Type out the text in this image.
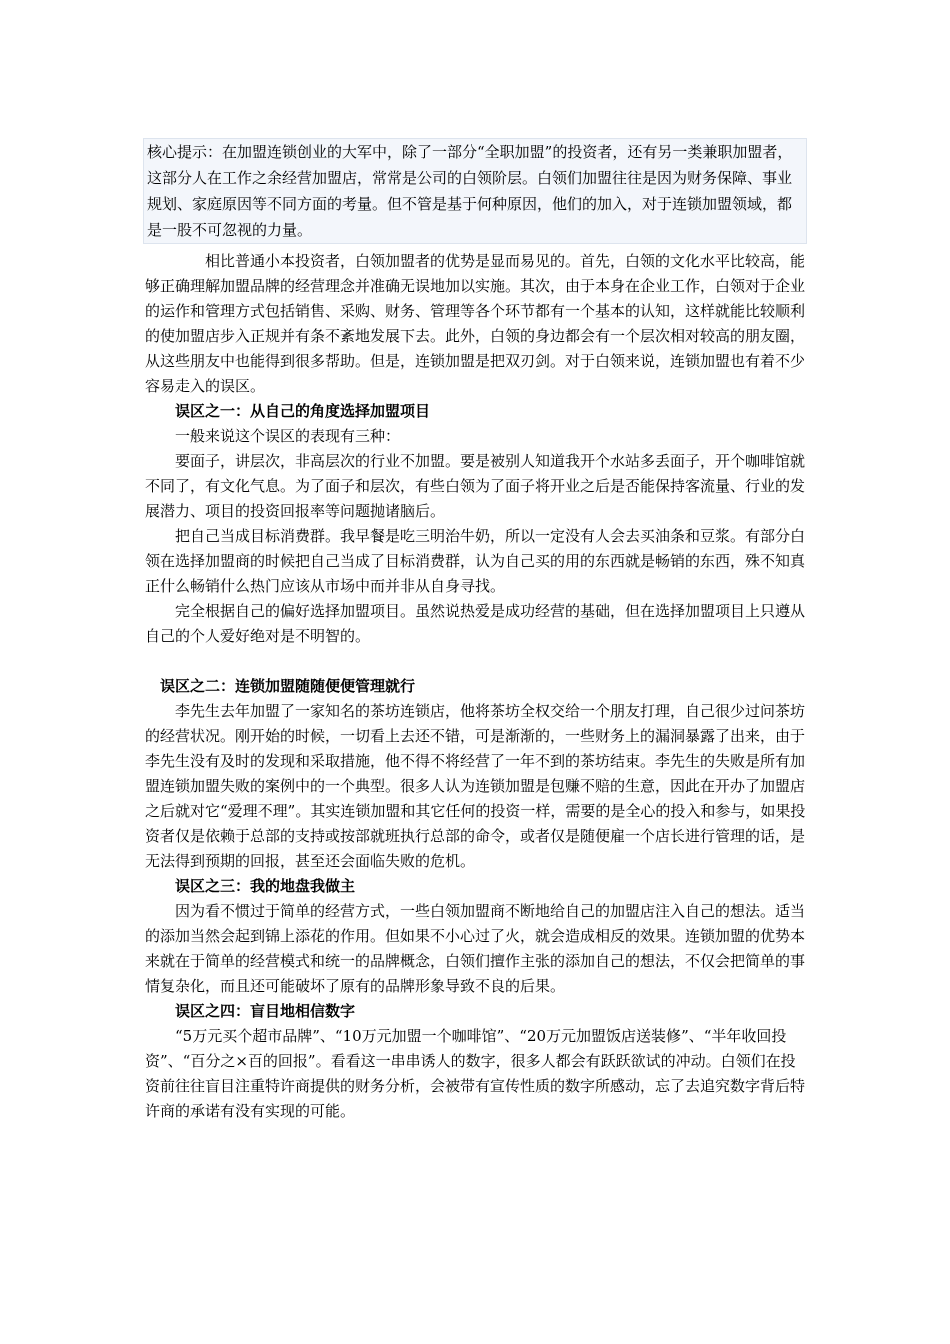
核心提示：在加盟连锁创业的大军中，除了一部分“全职加盟”的投资者，还有另一类兼职加盟者，这部分人在工作之余经营加盟店，常常是公司的白领阶层。白领们加盟往往是因为财务保障、事业规划、家庭原因等不同方面的考量。但不管是基于何种原因，他们的加入，对于连锁加盟领域，都是一股不可忽视的力量。

相比普通小本投资者，白领加盟者的优势是显而易见的。首先，白领的文化水平比较高，能够正确理解加盟品牌的经营理念并准确无误地加以实施。其次，由于本身在企业工作，白领对于企业的运作和管理方式包括销售、采购、财务、管理等各个环节都有一个基本的认知，这样就能比较顺利的使加盟店步入正规并有条不紊地发展下去。此外，白领的身边都会有一个层次相对较高的朋友圈，从这些朋友中也能得到很多帮助。但是，连锁加盟是把双刃剑。对于白领来说，连锁加盟也有着不少容易走入的误区。

误区之一：从自己的角度选择加盟项目

一般来说这个误区的表现有三种：

要面子，讲层次，非高层次的行业不加盟。要是被别人知道我开个水站多丢面子，开个咖啡馆就不同了，有文化气息。为了面子和层次，有些白领为了面子将开业之后是否能保持客流量、行业的发展潜力、项目的投资回报率等问题抛诸脑后。

把自己当成目标消费群。我早餐是吃三明治牛奶，所以一定没有人会去买油条和豆浆。有部分白领在选择加盟商的时候把自己当成了目标消费群，认为自己买的用的东西就是畅销的东西，殊不知真正什么畅销什么热门应该从市场中而并非从自身寻找。

完全根据自己的偏好选择加盟项目。虽然说热爱是成功经营的基础，但在选择加盟项目上只遵从自己的个人爱好绝对是不明智的。

误区之二：连锁加盟随随便便管理就行

李先生去年加盟了一家知名的茶坊连锁店，他将茶坊全权交给一个朋友打理，自己很少过问茶坊的经营状况。刚开始的时候，一切看上去还不错，可是渐渐的，一些财务上的漏洞暴露了出来，由于李先生没有及时的发现和采取措施，他不得不将经营了一年不到的茶坊结束。李先生的失败是所有加盟连锁加盟失败的案例中的一个典型。很多人认为连锁加盟是包赚不赔的生意，因此在开办了加盟店之后就对它“爱理不理”。其实连锁加盟和其它任何的投资一样，需要的是全心的投入和参与，如果投资者仅是依赖于总部的支持或按部就班执行总部的命令，或者仅是随便雇一个店长进行管理的话，是无法得到预期的回报，甚至还会面临失败的危机。

误区之三：我的地盘我做主

因为看不惯过于简单的经营方式，一些白领加盟商不断地给自己的加盟店注入自己的想法。适当的添加当然会起到锦上添花的作用。但如果不小心过了火，就会造成相反的效果。连锁加盟的优势本来就在于简单的经营模式和统一的品牌概念，白领们擅作主张的添加自己的想法，不仅会把简单的事情复杂化，而且还可能破坏了原有的品牌形象导致不良的后果。

误区之四：盲目地相信数字

“5万元买个超市品牌”、“10万元加盟一个咖啡馆”、“20万元加盟饭店送装修”、“半年收回投资”、“百分之×百的回报”。看看这一串串诱人的数字，很多人都会有跃跃欲试的冲动。白领们在投资前往往盲目注重特许商提供的财务分析，会被带有宣传性质的数字所感动，忘了去追究数字背后特许商的承诺有没有实现的可能。
